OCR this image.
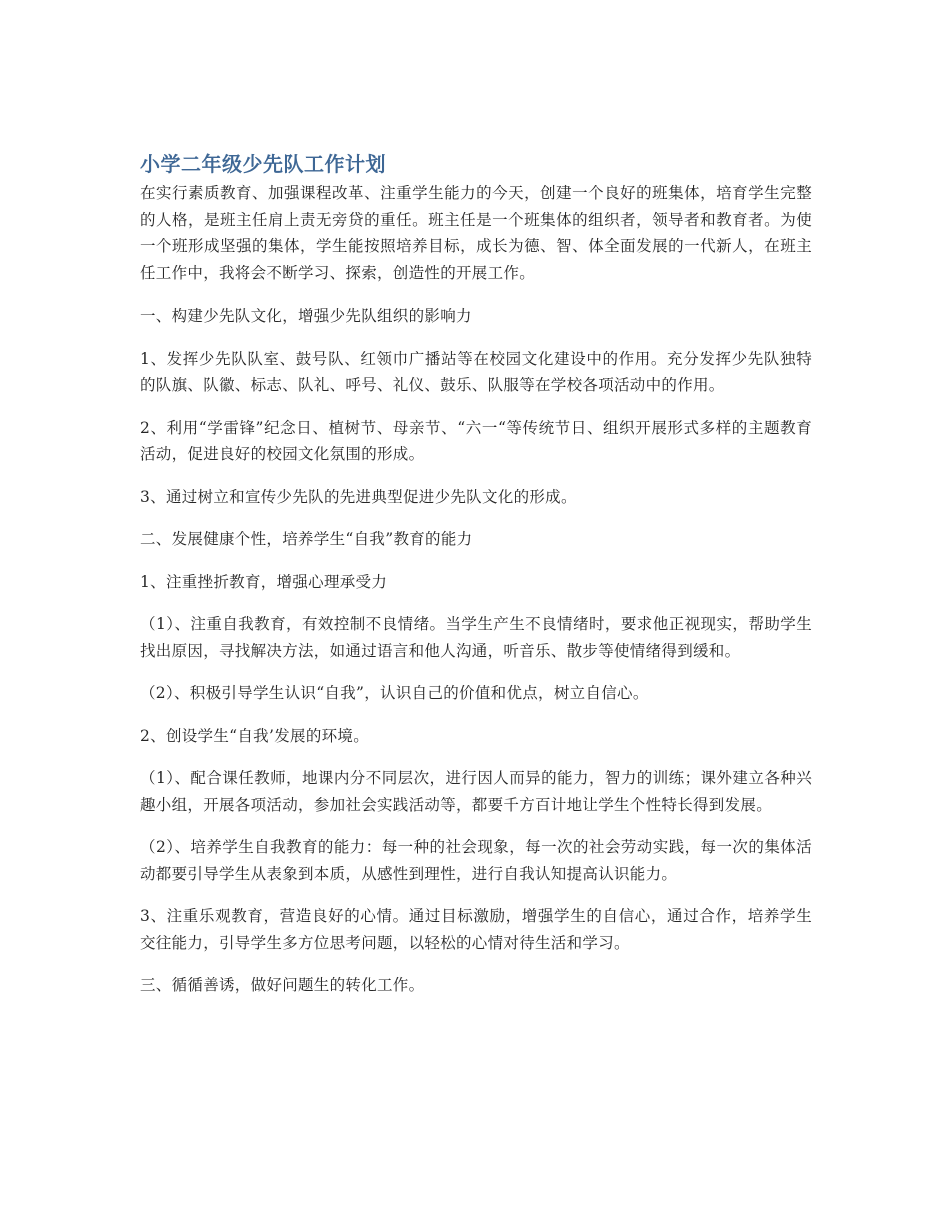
小学二年级少先队工作计划

在实行素质教育、加强课程改革、注重学生能力的今天，创建一个良好的班集体，培育学生完整的人格，是班主任肩上责无旁贷的重任。班主任是一个班集体的组织者，领导者和教育者。为使一个班形成坚强的集体，学生能按照培养目标，成长为德、智、体全面发展的一代新人，在班主任工作中，我将会不断学习、探索，创造性的开展工作。

一、构建少先队文化，增强少先队组织的影响力

1、发挥少先队队室、鼓号队、红领巾广播站等在校园文化建设中的作用。充分发挥少先队独特的队旗、队徽、标志、队礼、呼号、礼仪、鼓乐、队服等在学校各项活动中的作用。

2、利用“学雷锋”纪念日、植树节、母亲节、“六一“等传统节日、组织开展形式多样的主题教育活动，促进良好的校园文化氛围的形成。

3、通过树立和宣传少先队的先进典型促进少先队文化的形成。

二、发展健康个性，培养学生“自我”教育的能力

1、注重挫折教育，增强心理承受力

（1）、注重自我教育，有效控制不良情绪。当学生产生不良情绪时，要求他正视现实，帮助学生找出原因，寻找解决方法，如通过语言和他人沟通，听音乐、散步等使情绪得到缓和。

（2）、积极引导学生认识“自我”，认识自己的价值和优点，树立自信心。

2、创设学生“自我’发展的环境。

（1）、配合课任教师，地课内分不同层次，进行因人而异的能力，智力的训练；课外建立各种兴趣小组，开展各项活动，参加社会实践活动等，都要千方百计地让学生个性特长得到发展。

（2）、培养学生自我教育的能力：每一种的社会现象，每一次的社会劳动实践，每一次的集体活动都要引导学生从表象到本质，从感性到理性，进行自我认知提高认识能力。

3、注重乐观教育，营造良好的心情。通过目标激励，增强学生的自信心，通过合作，培养学生交往能力，引导学生多方位思考问题，以轻松的心情对待生活和学习。

三、循循善诱，做好问题生的转化工作。
